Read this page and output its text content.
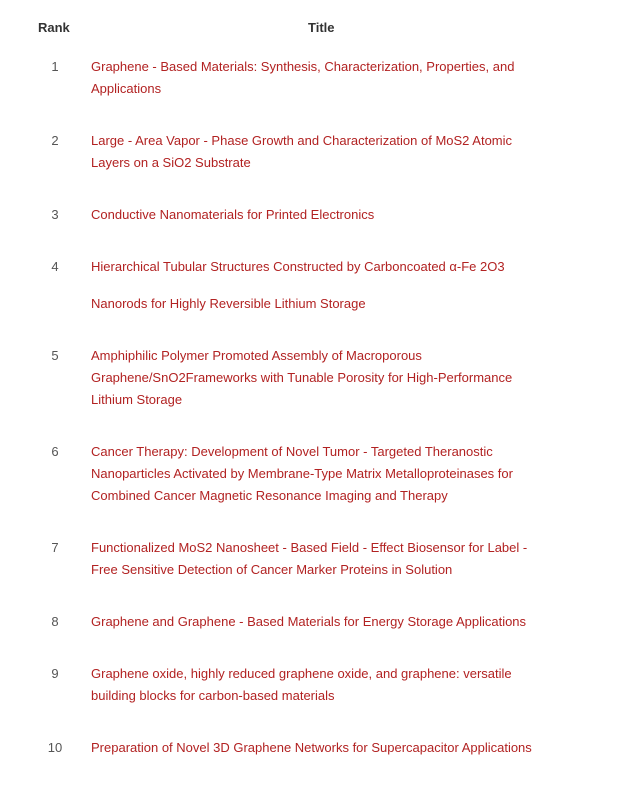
Rank	Title
1	Graphene - Based Materials: Synthesis, Characterization, Properties, and
Applications
2	Large - Area Vapor - Phase Growth and Characterization of MoS2 Atomic
Layers on a SiO2 Substrate
3	Conductive Nanomaterials for Printed Electronics
4	Hierarchical Tubular Structures Constructed by Carboncoated α-Fe 2O3
Nanorods for Highly Reversible Lithium Storage
5	Amphiphilic Polymer Promoted Assembly of Macroporous
Graphene/SnO2Frameworks with Tunable Porosity for High-Performance
Lithium Storage
6	Cancer Therapy: Development of Novel Tumor - Targeted Theranostic
Nanoparticles Activated by Membrane-Type Matrix Metalloproteinases for
Combined Cancer Magnetic Resonance Imaging and Therapy
7	Functionalized MoS2 Nanosheet - Based Field - Effect Biosensor for Label -
Free Sensitive Detection of Cancer Marker Proteins in Solution
8	Graphene and Graphene - Based Materials for Energy Storage Applications
9	Graphene oxide, highly reduced graphene oxide, and graphene: versatile
building blocks for carbon-based materials
10	Preparation of Novel 3D Graphene Networks for Supercapacitor Applications
